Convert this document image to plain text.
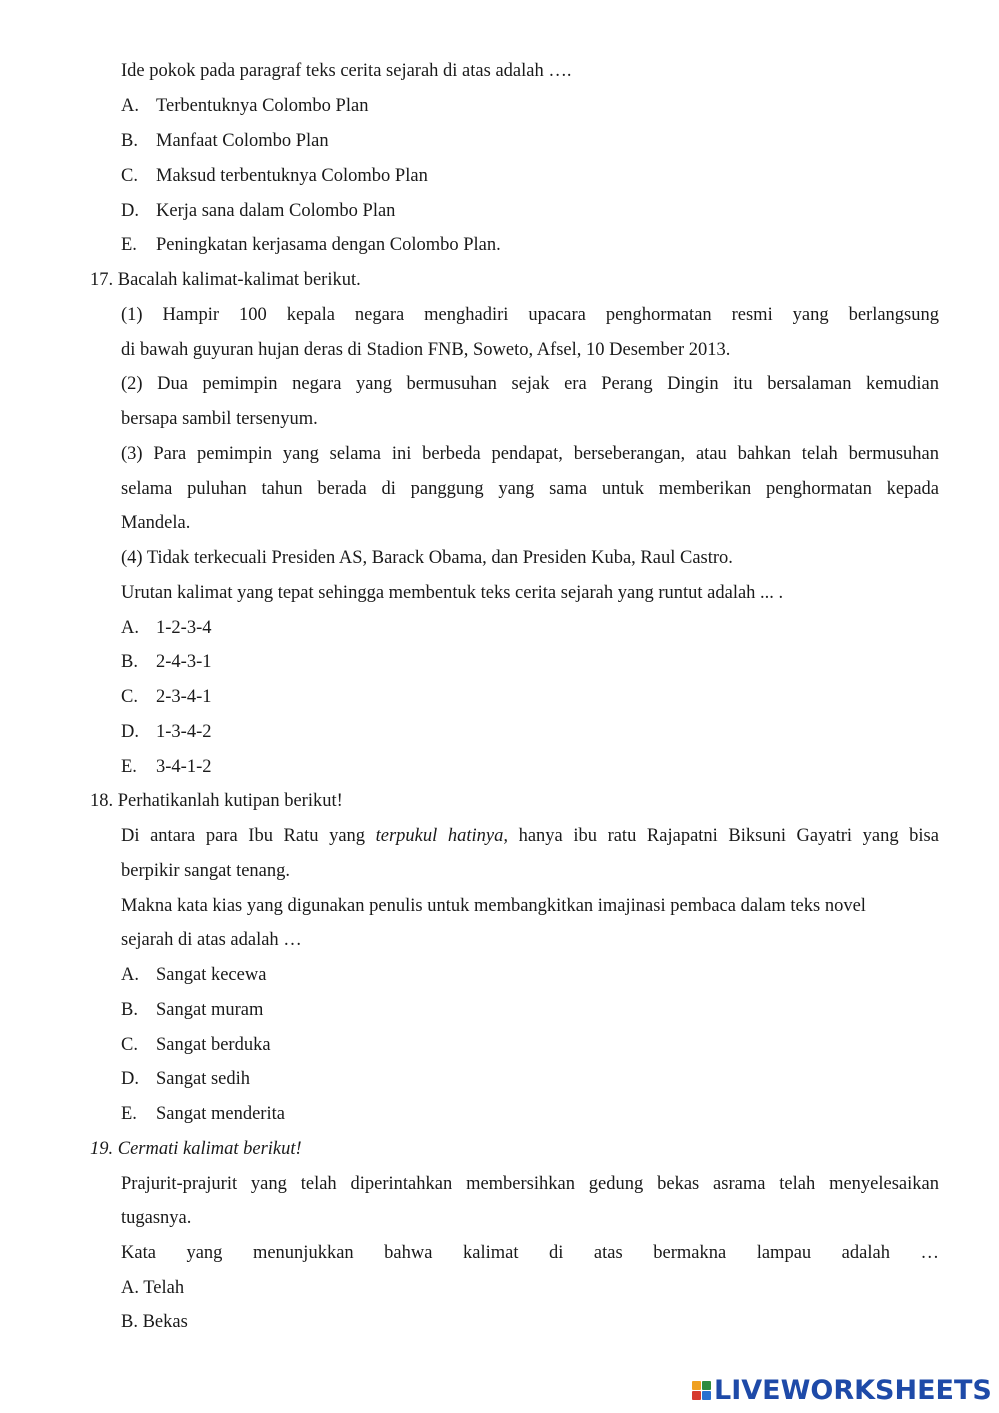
Ide pokok pada paragraf teks cerita sejarah di atas adalah ….
A. Terbentuknya Colombo Plan
B. Manfaat Colombo Plan
C. Maksud terbentuknya Colombo Plan
D. Kerja sana dalam Colombo Plan
E. Peningkatan kerjasama dengan Colombo Plan.
17. Bacalah kalimat-kalimat berikut.
(1) Hampir 100 kepala negara menghadiri upacara penghormatan resmi yang berlangsung
di bawah guyuran hujan deras di Stadion FNB, Soweto, Afsel, 10 Desember 2013.
(2) Dua pemimpin negara yang bermusuhan sejak era Perang Dingin itu bersalaman kemudian
bersapa sambil tersenyum.
(3) Para pemimpin yang selama ini berbeda pendapat, berseberangan, atau bahkan telah bermusuhan
selama puluhan tahun berada di panggung yang sama untuk memberikan penghormatan kepada
Mandela.
(4) Tidak terkecuali Presiden AS, Barack Obama, dan Presiden Kuba, Raul Castro.
Urutan kalimat yang tepat sehingga membentuk teks cerita sejarah yang runtut adalah ... .
A. 1-2-3-4
B. 2-4-3-1
C. 2-3-4-1
D. 1-3-4-2
E. 3-4-1-2
18. Perhatikanlah kutipan berikut!
Di antara para Ibu Ratu yang terpukul hatinya, hanya ibu ratu Rajapatni Biksuni Gayatri yang bisa
berpikir sangat tenang.
Makna kata kias yang digunakan penulis untuk membangkitkan imajinasi pembaca dalam teks novel
sejarah di atas adalah …
A. Sangat kecewa
B. Sangat muram
C. Sangat berduka
D. Sangat sedih
E. Sangat menderita
19. Cermati kalimat berikut!
Prajurit-prajurit yang telah diperintahkan membersihkan gedung bekas asrama telah menyelesaikan
tugasnya.
Kata yang menunjukkan bahwa kalimat di atas bermakna lampau adalah …
A. Telah
B. Bekas
LIVEWORKSHEETS
